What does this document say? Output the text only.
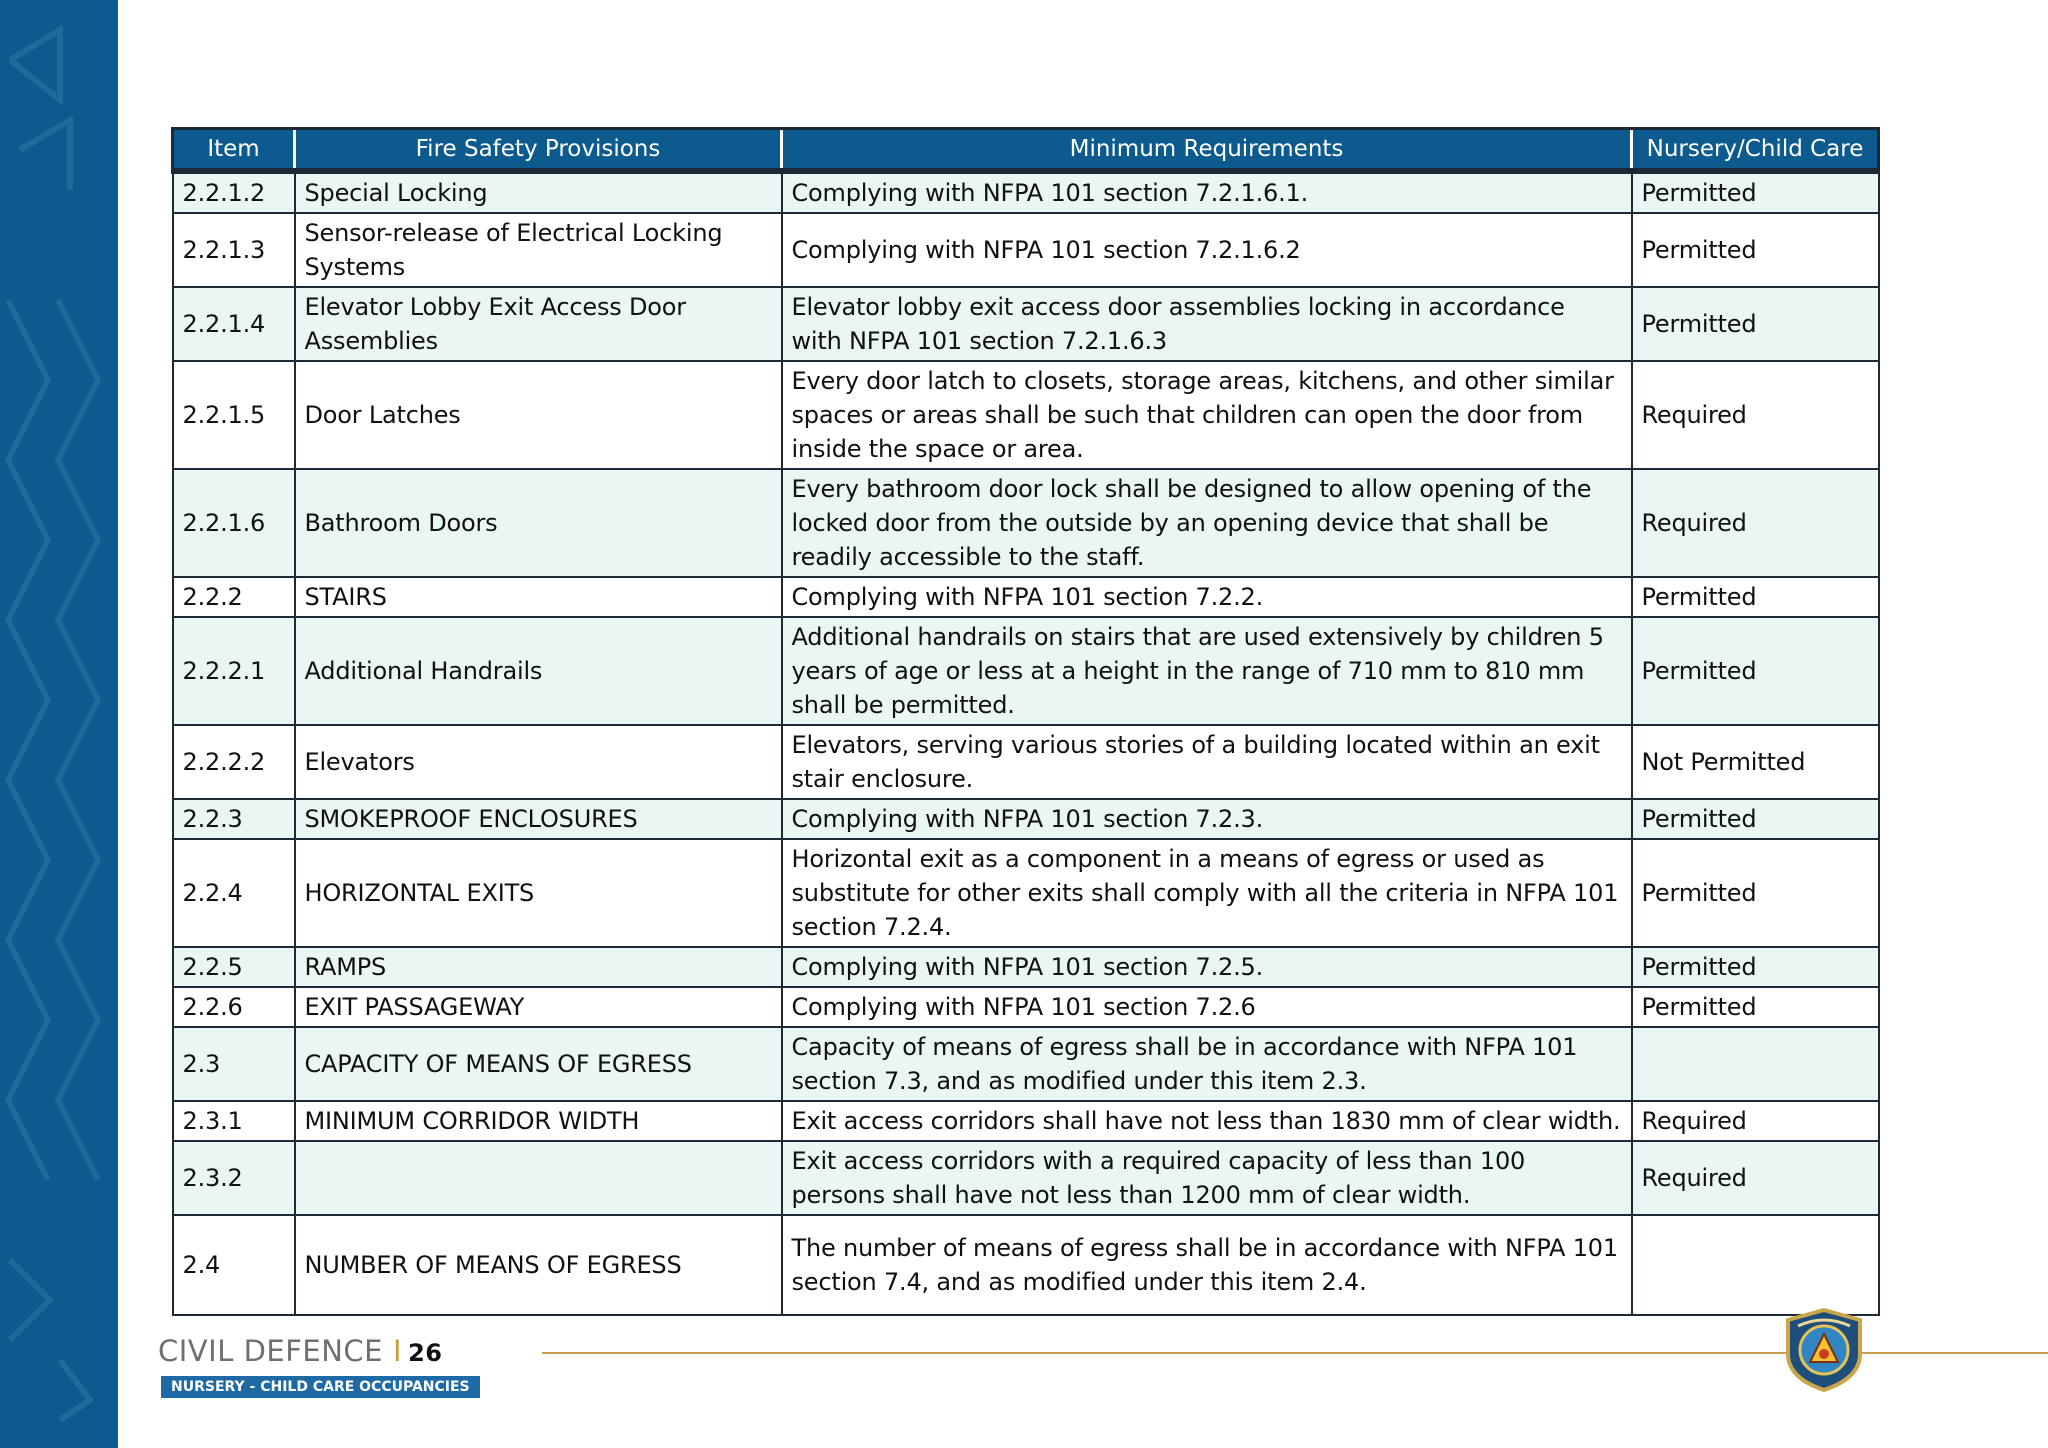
Item	Fire Safety Provisions	Minimum Requirements	Nursery/Child Care
2.2.1.2	Special Locking	Complying with NFPA 101 section 7.2.1.6.1.	Permitted
2.2.1.3	Sensor-release of Electrical Locking Systems	Complying with NFPA 101 section 7.2.1.6.2	Permitted
2.2.1.4	Elevator Lobby Exit Access Door Assemblies	Elevator lobby exit access door assemblies locking in accordance with NFPA 101 section 7.2.1.6.3	Permitted
2.2.1.5	Door Latches	Every door latch to closets, storage areas, kitchens, and other similar spaces or areas shall be such that children can open the door from inside the space or area.	Required
2.2.1.6	Bathroom Doors	Every bathroom door lock shall be designed to allow opening of the locked door from the outside by an opening device that shall be readily accessible to the staff.	Required
2.2.2	STAIRS	Complying with NFPA 101 section 7.2.2.	Permitted
2.2.2.1	Additional Handrails	Additional handrails on stairs that are used extensively by children 5 years of age or less at a height in the range of 710 mm to 810 mm shall be permitted.	Permitted
2.2.2.2	Elevators	Elevators, serving various stories of a building located within an exit stair enclosure.	Not Permitted
2.2.3	SMOKEPROOF ENCLOSURES	Complying with NFPA 101 section 7.2.3.	Permitted
2.2.4	HORIZONTAL EXITS	Horizontal exit as a component in a means of egress or used as substitute for other exits shall comply with all the criteria in NFPA 101 section 7.2.4.	Permitted
2.2.5	RAMPS	Complying with NFPA 101 section 7.2.5.	Permitted
2.2.6	EXIT PASSAGEWAY	Complying with NFPA 101 section 7.2.6	Permitted
2.3	CAPACITY OF MEANS OF EGRESS	Capacity of means of egress shall be in accordance with NFPA 101 section 7.3, and as modified under this item 2.3.	
2.3.1	MINIMUM CORRIDOR WIDTH	Exit access corridors shall have not less than 1830 mm of clear width.	Required
2.3.2		Exit access corridors with a required capacity of less than 100 persons shall have not less than 1200 mm of clear width.	Required
2.4	NUMBER OF MEANS OF EGRESS	The number of means of egress shall be in accordance with NFPA 101 section 7.4, and as modified under this item 2.4.	
CIVIL DEFENCE I 26
NURSERY - CHILD CARE OCCUPANCIES
